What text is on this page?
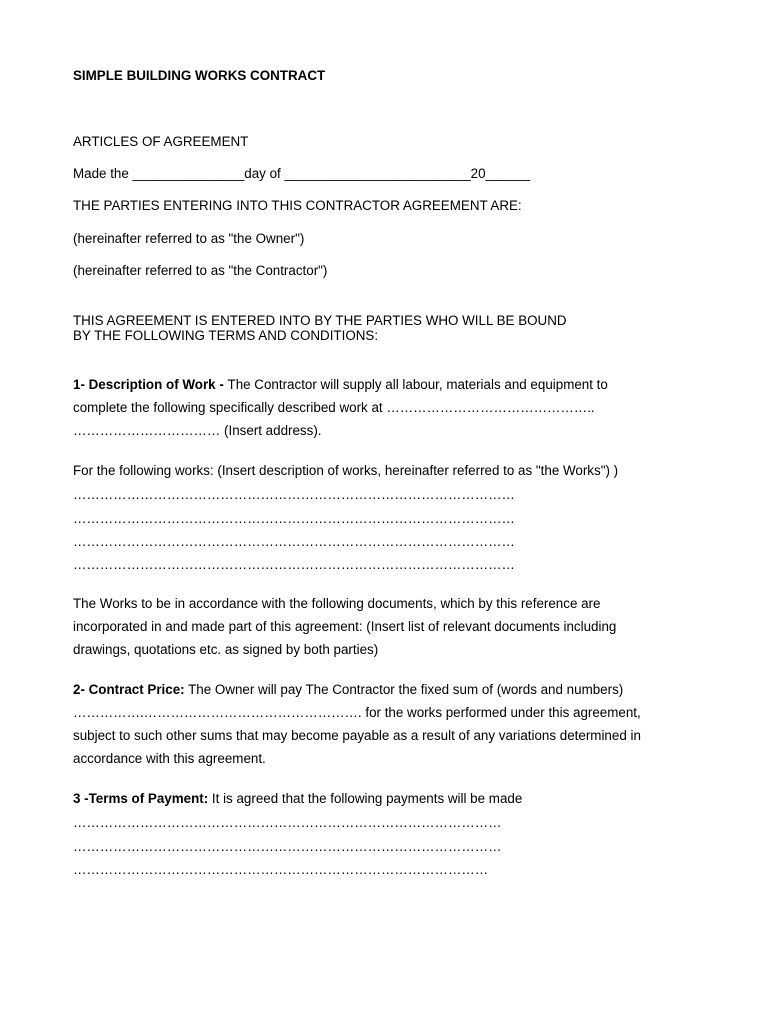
SIMPLE BUILDING WORKS CONTRACT
ARTICLES OF AGREEMENT
Made the _______________day of _________________________20______
THE PARTIES ENTERING INTO THIS CONTRACTOR AGREEMENT ARE:
(hereinafter referred to as "the Owner")
(hereinafter referred to as "the Contractor")
THIS AGREEMENT IS ENTERED INTO BY THE PARTIES WHO WILL BE BOUND
BY THE FOLLOWING TERMS AND CONDITIONS:
1- Description of Work - The Contractor will supply all labour, materials and equipment to
complete the following specifically described work at ………………………………………..
…………………………… (Insert address).
For the following works: (Insert description of works, hereinafter referred to as "the Works") )
………………………………………………………………………………………
………………………………………………………………………………………
………………………………………………………………………………………
………………………………………………………………………………………
The Works to be in accordance with the following documents, which by this reference are
incorporated in and made part of this agreement: (Insert list of relevant documents including
drawings, quotations etc. as signed by both parties)
2- Contract Price: The Owner will pay The Contractor the fixed sum of (words and numbers)
…………….…………………………………………. for the works performed under this agreement,
subject to such other sums that may become payable as a result of any variations determined in
accordance with this agreement.
3 -Terms of Payment: It is agreed that the following payments will be made
……………………………………………………………………………………
……………………………………………………………………………………
…………………………………………………………………………………
